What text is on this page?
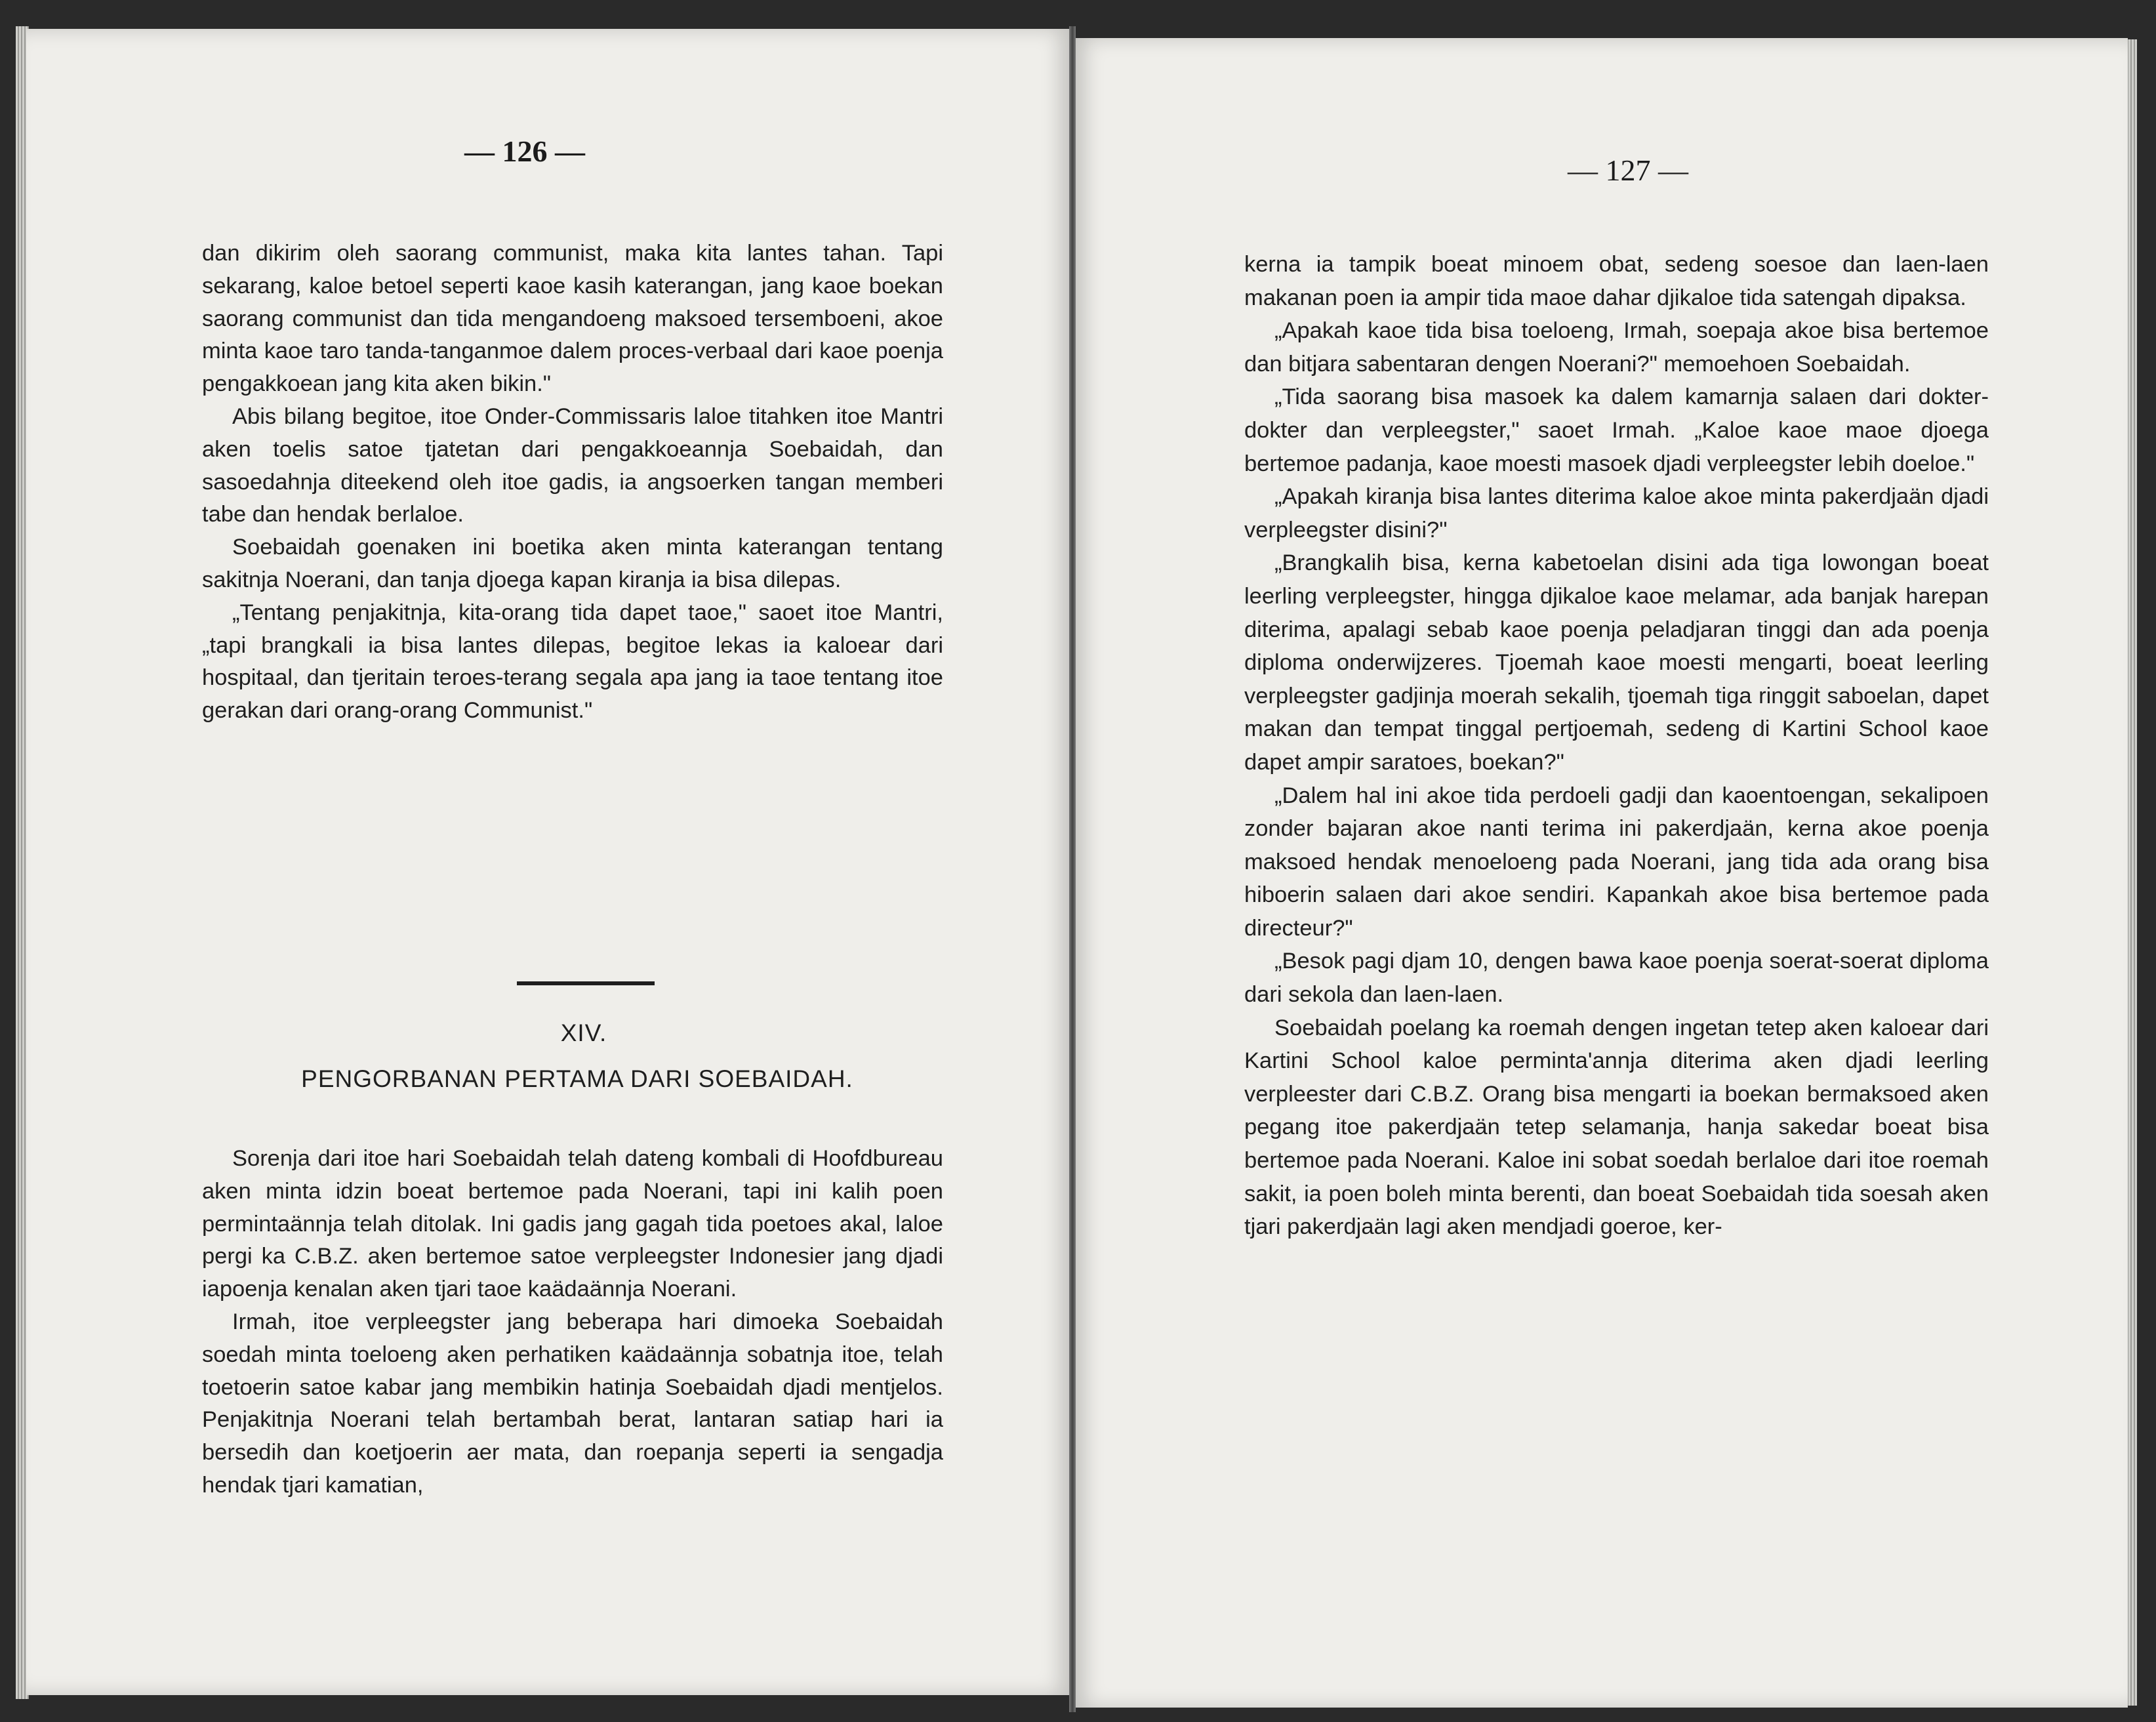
— 126 —

dan dikirim oleh saorang communist, maka kita lantes tahan. Tapi sekarang, kaloe betoel seperti kaoe kasih katerangan, jang kaoe boekan saorang communist dan tida mengandoeng maksoed tersemboeni, akoe minta kaoe taro tanda-tanganmoe dalem proces-verbaal dari kaoe poenja pengakkoean jang kita aken bikin."

Abis bilang begitoe, itoe Onder-Commissaris laloe titahken itoe Mantri aken toelis satoe tjatetan dari pengakkoeannja Soebaidah, dan sasoedahnja diteekend oleh itoe gadis, ia angsoerken tangan memberi tabe dan hendak berlaloe.

Soebaidah goenaken ini boetika aken minta katerangan tentang sakitnja Noerani, dan tanja djoega kapan kiranja ia bisa dilepas.

„Tentang penjakitnja, kita-orang tida dapet taoe," saoet itoe Mantri, „tapi brangkali ia bisa lantes dilepas, begitoe lekas ia kaloear dari hospitaal, dan tjeritain teroes-terang segala apa jang ia taoe tentang itoe gerakan dari orang-orang Communist."

XIV.
PENGORBANAN PERTAMA DARI SOEBAIDAH.

Sorenja dari itoe hari Soebaidah telah dateng kombali di Hoofdbureau aken minta idzin boeat bertemoe pada Noerani, tapi ini kalih poen permintaännja telah ditolak. Ini gadis jang gagah tida poetoes akal, laloe pergi ka C.B.Z. aken bertemoe satoe verpleegster Indonesier jang djadi iapoenja kenalan aken tjari taoe kaädaännja Noerani.

Irmah, itoe verpleegster jang beberapa hari dimoeka Soebaidah soedah minta toeloeng aken perhatiken kaädaännja sobatnja itoe, telah toetoerin satoe kabar jang membikin hatinja Soebaidah djadi mentjelos. Penjakitnja Noerani telah bertambah berat, lantaran satiap hari ia bersedih dan koetjoerin aer mata, dan roepanja seperti ia sengadja hendak tjari kamatian,

— 127 —

kerna ia tampik boeat minoem obat, sedeng soesoe dan laen-laen makanan poen ia ampir tida maoe dahar djikaloe tida satengah dipaksa.

„Apakah kaoe tida bisa toeloeng, Irmah, soepaja akoe bisa bertemoe dan bitjara sabentaran dengen Noerani?" memoehoen Soebaidah.

„Tida saorang bisa masoek ka dalem kamarnja salaen dari dokter-dokter dan verpleegster," saoet Irmah. „Kaloe kaoe maoe djoega bertemoe padanja, kaoe moesti masoek djadi verpleegster lebih doeloe."

„Apakah kiranja bisa lantes diterima kaloe akoe minta pakerdjaän djadi verpleegster disini?"

„Brangkalih bisa, kerna kabetoelan disini ada tiga lowongan boeat leerling verpleegster, hingga djikaloe kaoe melamar, ada banjak harepan diterima, apalagi sebab kaoe poenja peladjaran tinggi dan ada poenja diploma onderwijzeres. Tjoemah kaoe moesti mengarti, boeat leerling verpleegster gadjinja moerah sekalih, tjoemah tiga ringgit saboelan, dapet makan dan tempat tinggal pertjoemah, sedeng di Kartini School kaoe dapet ampir saratoes, boekan?"

„Dalem hal ini akoe tida perdoeli gadji dan kaoentoengan, sekalipoen zonder bajaran akoe nanti terima ini pakerdjaän, kerna akoe poenja maksoed hendak menoeloeng pada Noerani, jang tida ada orang bisa hiboerin salaen dari akoe sendiri. Kapankah akoe bisa bertemoe pada directeur?"

„Besok pagi djam 10, dengen bawa kaoe poenja soerat-soerat diploma dari sekola dan laen-laen.

Soebaidah poelang ka roemah dengen ingetan tetep aken kaloear dari Kartini School kaloe perminta'annja diterima aken djadi leerling verpleester dari C.B.Z. Orang bisa mengarti ia boekan bermaksoed aken pegang itoe pakerdjaän tetep selamanja, hanja sakedar boeat bisa bertemoe pada Noerani. Kaloe ini sobat soedah berlaloe dari itoe roemah sakit, ia poen boleh minta berenti, dan boeat Soebaidah tida soesah aken tjari pakerdjaän lagi aken mendjadi goeroe, ker-
